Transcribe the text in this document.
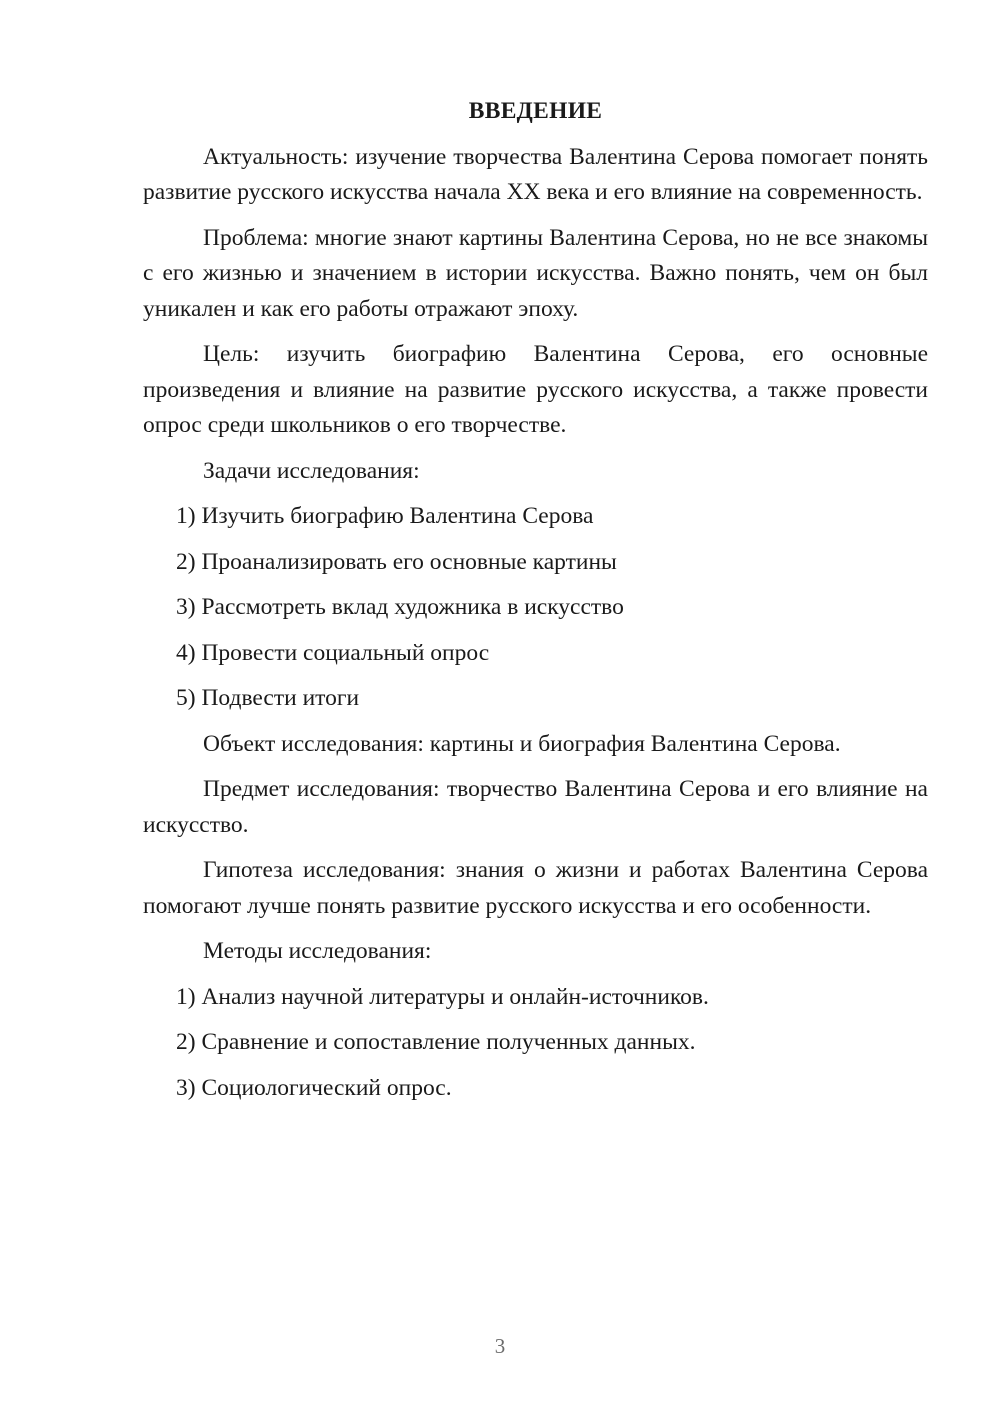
ВВЕДЕНИЕ

Актуальность: изучение творчества Валентина Серова помогает понять развитие русского искусства начала XX века и его влияние на современность.

Проблема: многие знают картины Валентина Серова, но не все знакомы с его жизнью и значением в истории искусства. Важно понять, чем он был уникален и как его работы отражают эпоху.

Цель: изучить биографию Валентина Серова, его основные произведения и влияние на развитие русского искусства, а также провести опрос среди школьников о его творчестве.

Задачи исследования:

1) Изучить биографию Валентина Серова
2) Проанализировать его основные картины
3) Рассмотреть вклад художника в искусство
4) Провести социальный опрос
5) Подвести итоги

Объект исследования: картины и биография Валентина Серова.

Предмет исследования: творчество Валентина Серова и его влияние на искусство.

Гипотеза исследования: знания о жизни и работах Валентина Серова помогают лучше понять развитие русского искусства и его особенности.

Методы исследования:

1) Анализ научной литературы и онлайн-источников.
2) Сравнение и сопоставление полученных данных.
3) Социологический опрос.
3
